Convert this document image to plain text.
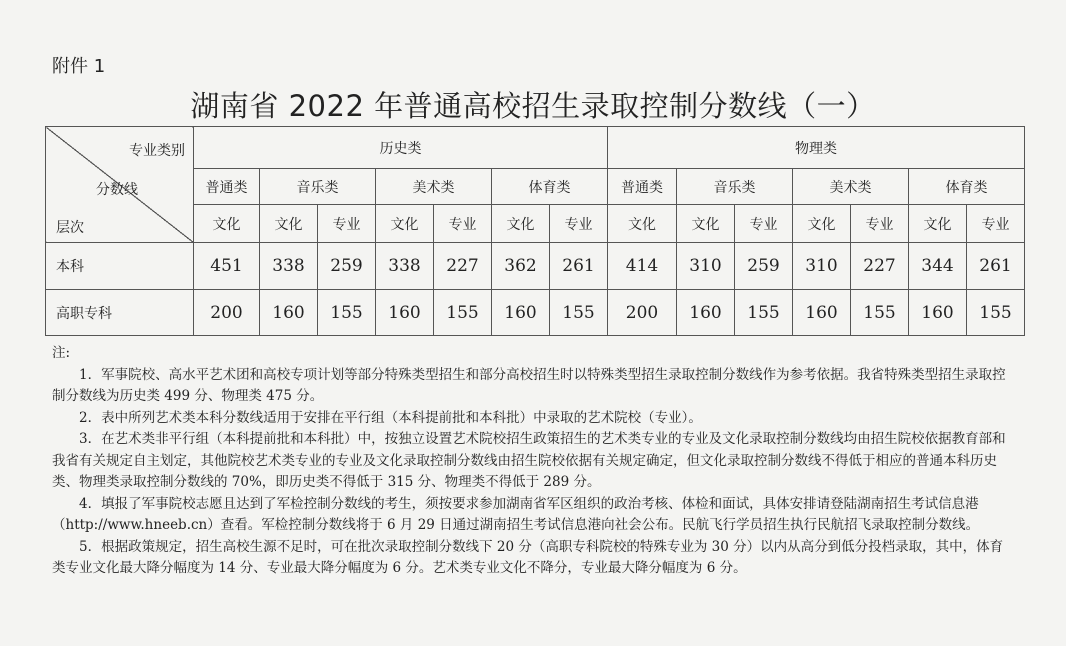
附件 1
湖南省 2022 年普通高校招生录取控制分数线（一）
专业类别
分数线
层次	历史类							物理类						
	普通类	音乐类		美术类		体育类		普通类	音乐类		美术类		体育类	
	文化	文化	专业	文化	专业	文化	专业	文化	文化	专业	文化	专业	文化	专业
本科	451	338	259	338	227	362	261	414	310	259	310	227	344	261
高职专科	200	160	155	160	155	160	155	200	160	155	160	155	160	155

注:

1．军事院校、高水平艺术团和高校专项计划等部分特殊类型招生和部分高校招生时以特殊类型招生录取控制分数线作为参考依据。我省特殊类型招生录取控制分数线为历史类 499 分、物理类 475 分。

2．表中所列艺术类本科分数线适用于安排在平行组（本科提前批和本科批）中录取的艺术院校（专业）。

3．在艺术类非平行组（本科提前批和本科批）中，按独立设置艺术院校招生政策招生的艺术类专业的专业及文化录取控制分数线均由招生院校依据教育部和我省有关规定自主划定，其他院校艺术类专业的专业及文化录取控制分数线由招生院校依据有关规定确定，但文化录取控制分数线不得低于相应的普通本科历史类、物理类录取控制分数线的 70%，即历史类不得低于 315 分、物理类不得低于 289 分。

4．填报了军事院校志愿且达到了军检控制分数线的考生，须按要求参加湖南省军区组织的政治考核、体检和面试，具体安排请登陆湖南招生考试信息港（http://www.hneeb.cn）查看。军检控制分数线将于 6 月 29 日通过湖南招生考试信息港向社会公布。民航飞行学员招生执行民航招飞录取控制分数线。

5．根据政策规定，招生高校生源不足时，可在批次录取控制分数线下 20 分（高职专科院校的特殊专业为 30 分）以内从高分到低分投档录取，其中，体育类专业文化最大降分幅度为 14 分、专业最大降分幅度为 6 分。艺术类专业文化不降分，专业最大降分幅度为 6 分。
